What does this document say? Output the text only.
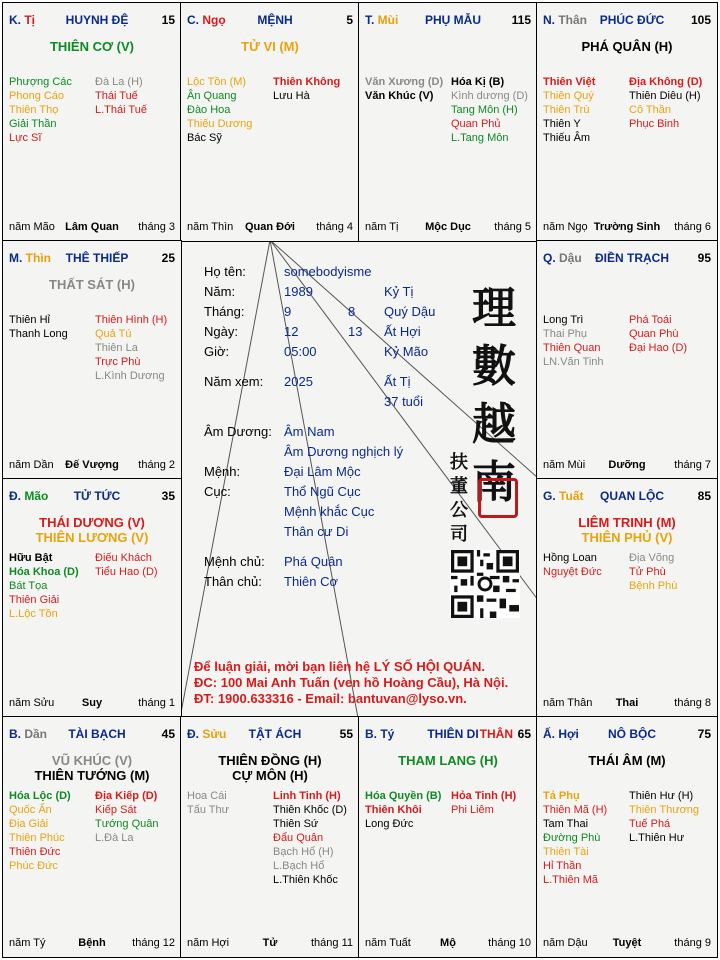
Họ tên:	somebodyisme
Năm:	1989	Kỷ Tị
Tháng:	9	8 Quý Dậu
Ngày:	12	13 Ất Hợi
Giờ:	05:00	Kỷ Mão
Năm xem: 2025	Ất Tị
37 tuổi
Âm Dương: Âm Nam
Âm Dương nghịch lý
Mệnh:	Đại Lâm Mộc
Cục:	Thổ Ngũ Cục
Mệnh khắc Cục
Thân cư Di
Mệnh chủ: Phá Quân
Thân chủ: Thiên Cơ
理
數
越
南
扶
董
公
司
Để luận giải, mời bạn liên hệ LÝ SỐ HỘI QUÁN.
ĐC: 100 Mai Anh Tuấn (ven hồ Hoàng Cầu), Hà Nội.
ĐT: 1900.633316 - Email: bantuvan@lyso.vn.
K. Tị	HUYNH ĐỆ	15
THIÊN CƠ (V)
Phượng Các
Phong Cáo
Thiên Thọ
Giải Thần
Lực Sĩ
Đà La (H)
Thái Tuế
L.Thái Tuế
năm Mão Lâm Quan	tháng 3
C. Ngọ	MỆNH	5
TỬ VI (M)
Lộc Tồn (M)
Ân Quang
Đào Hoa
Thiếu Dương
Bác Sỹ
Thiên Không
Lưu Hà
năm Thìn	Quan Đới	tháng 4
T. Mùi	PHỤ MẪU	115
Văn Xương (D)
Văn Khúc (V)
Hóa Kị (B)
Kình dương (D)
Tang Môn (H)
Quan Phủ
L.Tang Môn
năm Tị	Mộc Dục	tháng 5
N. Thân	PHÚC ĐỨC	105
PHÁ QUÂN (H)
Thiên Việt
Thiên Quý
Thiên Trù
Thiên Y
Thiếu Âm
Địa Không (D)
Thiên Diêu (H)
Cô Thần
Phục Binh
năm Ngọ Trường Sinh	tháng 6
M. Thìn	THÊ THIẾP	25
THẤT SÁT (H)
Thiên Hỉ
Thanh Long
Thiên Hình (H)
Quả Tú
Thiên La
Trực Phù
L.Kình Dương
năm Dần	Đế Vượng	tháng 2
Q. Dậu	ĐIỀN TRẠCH	95
Long Trì
Thai Phụ
Thiên Quan
LN.Văn Tinh
Phá Toái
Quan Phù
Đại Hao (D)
năm Mùi	Dưỡng	tháng 7
Đ. Mão	TỬ TỨC	35
THÁI DƯƠNG (V)
THIÊN LƯƠNG (V)
Hữu Bật
Hóa Khoa (D)
Bát Tọa
Thiên Giải
L.Lộc Tồn
Điếu Khách
Tiểu Hao (D)
năm Sửu	Suy	tháng 1
G. Tuất	QUAN LỘC	85
LIÊM TRINH (M)
THIÊN PHỦ (V)
Hồng Loan
Nguyệt Đức
Địa Võng
Tử Phù
Bệnh Phù
năm Thân	Thai	tháng 8
B. Dần	TÀI BẠCH	45
VŨ KHÚC (V)
THIÊN TƯỚNG (M)
Hóa Lộc (D)
Quốc Ấn
Địa Giải
Thiên Phúc
Thiên Đức
Phúc Đức
Địa Kiếp (D)
Kiếp Sát
Tướng Quân
L.Đà La
năm Tý	Bệnh	tháng 12
Đ. Sửu	TẬT ÁCH	55
THIÊN ĐỒNG (H)
CỰ MÔN (H)
Hoa Cái
Tấu Thư
Linh Tinh (H)
Thiên Khốc (D)
Thiên Sứ
Đẩu Quân
Bạch Hổ (H)
L.Bạch Hổ
L.Thiên Khốc
năm Hợi	Tử	tháng 11
B. Tý	THIÊN DI THÂN 65
THAM LANG (H)
Hóa Quyền (B)
Thiên Khôi
Long Đức
Hỏa Tinh (H)
Phi Liêm
năm Tuất	Mộ	tháng 10
Ấ. Hợi	NÔ BỘC	75
THÁI ÂM (M)
Tả Phụ
Thiên Mã (H)
Tam Thai
Đường Phù
Thiên Tài
Hỉ Thần
L.Thiên Mã
Thiên Hư (H)
Thiên Thương
Tuế Phá
L.Thiên Hư
năm Dậu	Tuyệt	tháng 9
